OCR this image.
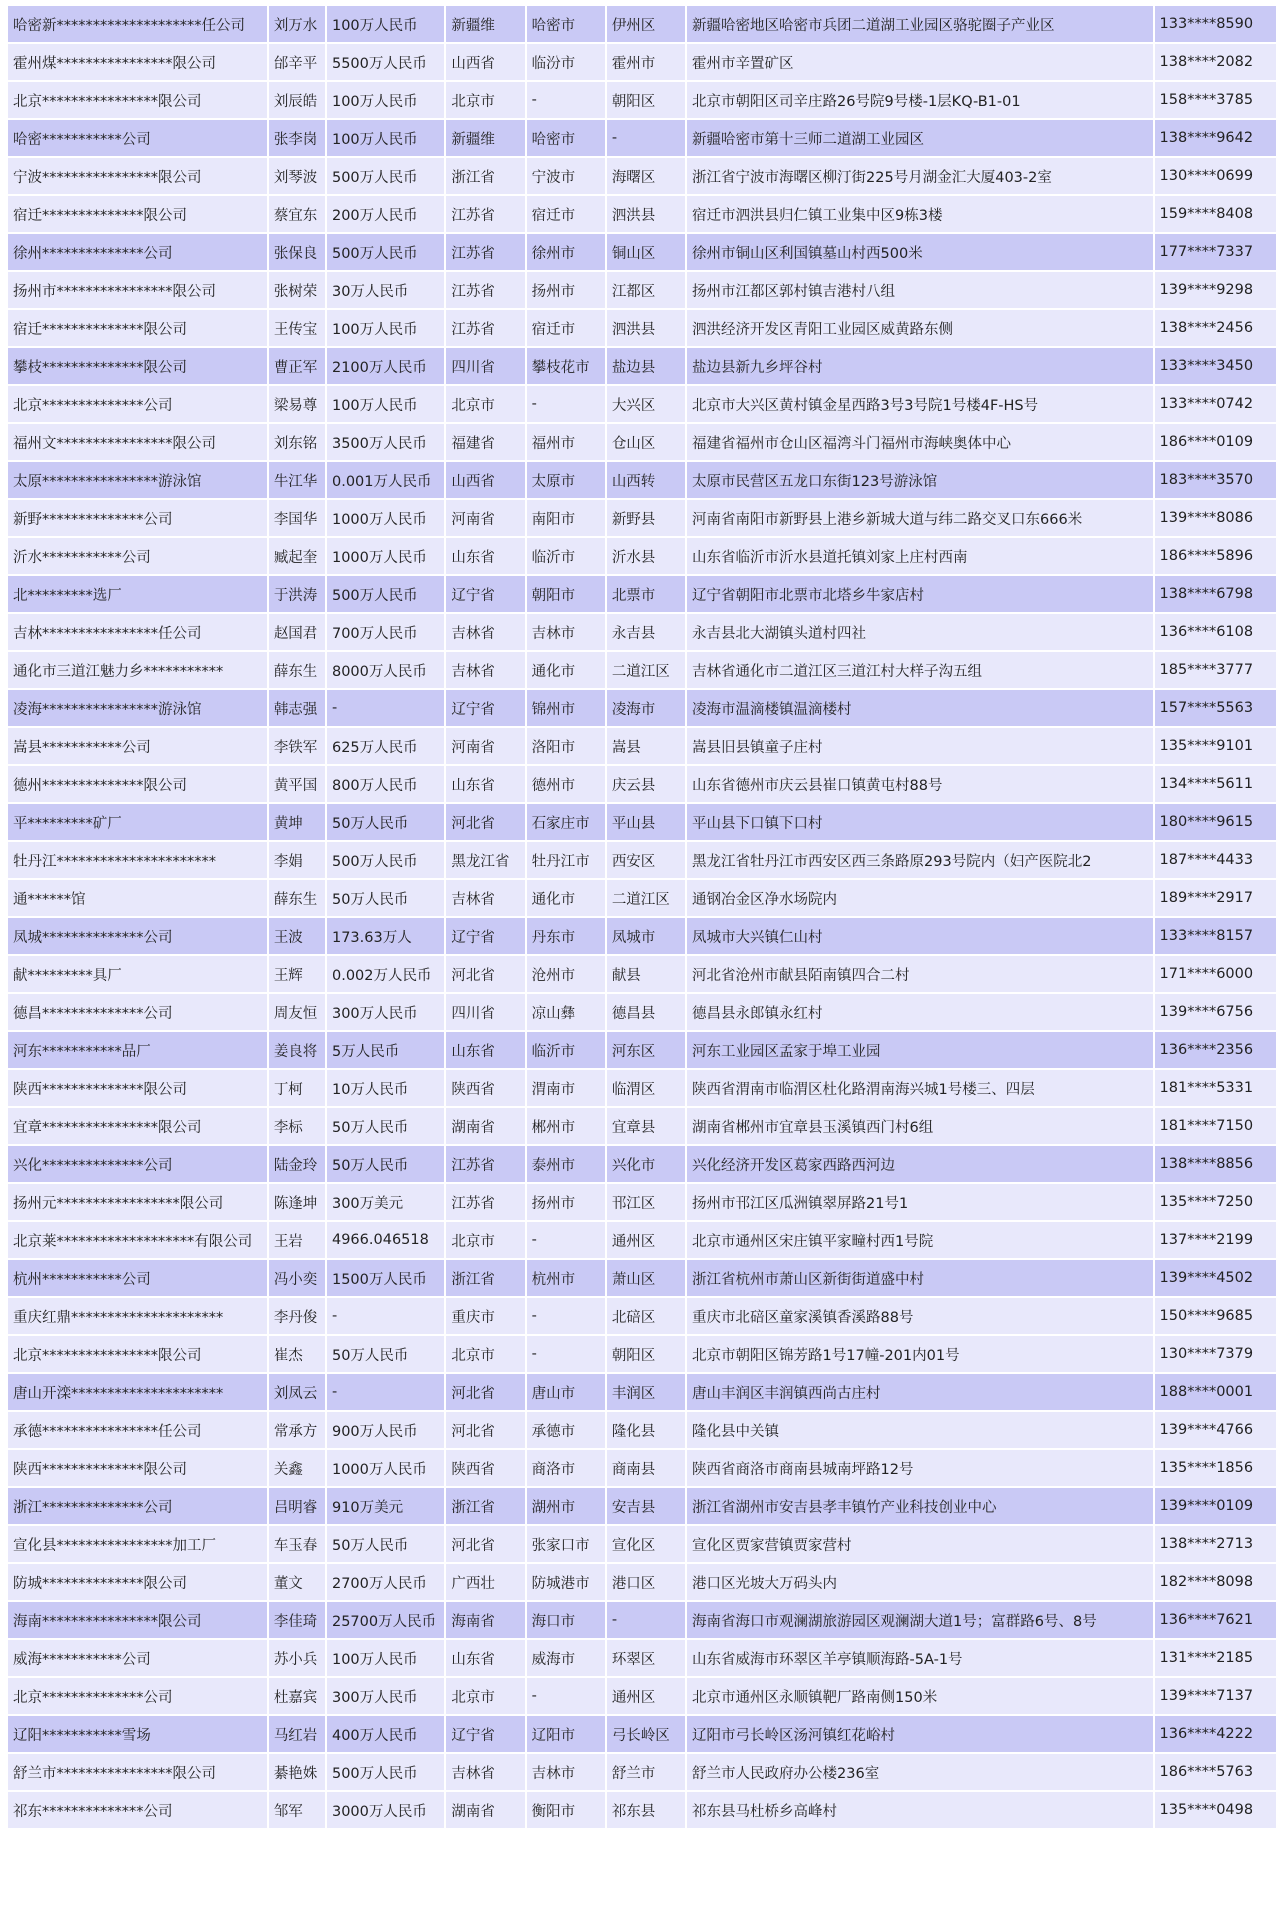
哈密新********************任公司	刘万水	100万人民币	新疆维	哈密市	伊州区	新疆哈密地区哈密市兵团二道湖工业园区骆驼圈子产业区	133****8590
霍州煤****************限公司	邰辛平	5500万人民币	山西省	临汾市	霍州市	霍州市辛置矿区	138****2082
北京****************限公司	刘辰皓	100万人民币	北京市	-	朝阳区	北京市朝阳区司辛庄路26号院9号楼-1层KQ-B1-01	158****3785
哈密***********公司	张李岗	100万人民币	新疆维	哈密市	-	新疆哈密市第十三师二道湖工业园区	138****9642
宁波****************限公司	刘琴波	500万人民币	浙江省	宁波市	海曙区	浙江省宁波市海曙区柳汀街225号月湖金汇大厦403-2室	130****0699
宿迁**************限公司	蔡宜东	200万人民币	江苏省	宿迁市	泗洪县	宿迁市泗洪县归仁镇工业集中区9栋3楼	159****8408
徐州**************公司	张保良	500万人民币	江苏省	徐州市	铜山区	徐州市铜山区利国镇墓山村西500米	177****7337
扬州市****************限公司	张树荣	30万人民币	江苏省	扬州市	江都区	扬州市江都区郭村镇吉港村八组	139****9298
宿迁**************限公司	王传宝	100万人民币	江苏省	宿迁市	泗洪县	泗洪经济开发区青阳工业园区威黄路东侧	138****2456
攀枝**************限公司	曹正军	2100万人民币	四川省	攀枝花市	盐边县	盐边县新九乡坪谷村	133****3450
北京**************公司	梁易尊	100万人民币	北京市	-	大兴区	北京市大兴区黄村镇金星西路3号3号院1号楼4F-HS号	133****0742
福州文****************限公司	刘东铭	3500万人民币	福建省	福州市	仓山区	福建省福州市仓山区福湾斗门福州市海峡奥体中心	186****0109
太原****************游泳馆	牛江华	0.001万人民币	山西省	太原市	山西转	太原市民营区五龙口东街123号游泳馆	183****3570
新野**************公司	李国华	1000万人民币	河南省	南阳市	新野县	河南省南阳市新野县上港乡新城大道与纬二路交叉口东666米	139****8086
沂水***********公司	臧起奎	1000万人民币	山东省	临沂市	沂水县	山东省临沂市沂水县道托镇刘家上庄村西南	186****5896
北*********选厂	于洪涛	500万人民币	辽宁省	朝阳市	北票市	辽宁省朝阳市北票市北塔乡牛家店村	138****6798
吉林****************任公司	赵国君	700万人民币	吉林省	吉林市	永吉县	永吉县北大湖镇头道村四社	136****6108
通化市三道江魅力乡***********	薛东生	8000万人民币	吉林省	通化市	二道江区	吉林省通化市二道江区三道江村大样子沟五组	185****3777
凌海****************游泳馆	韩志强	-	辽宁省	锦州市	凌海市	凌海市温滴楼镇温滴楼村	157****5563
嵩县***********公司	李铁军	625万人民币	河南省	洛阳市	嵩县	嵩县旧县镇童子庄村	135****9101
德州**************限公司	黄平国	800万人民币	山东省	德州市	庆云县	山东省德州市庆云县崔口镇黄屯村88号	134****5611
平*********矿厂	黄坤	50万人民币	河北省	石家庄市	平山县	平山县下口镇下口村	180****9615
牡丹江**********************	李娟	500万人民币	黑龙江省	牡丹江市	西安区	黑龙江省牡丹江市西安区西三条路原293号院内（妇产医院北2	187****4433
通******馆	薛东生	50万人民币	吉林省	通化市	二道江区	通钢冶金区净水场院内	189****2917
凤城**************公司	王波	173.63万人	辽宁省	丹东市	凤城市	凤城市大兴镇仁山村	133****8157
献*********具厂	王辉	0.002万人民币	河北省	沧州市	献县	河北省沧州市献县陌南镇四合二村	171****6000
德昌**************公司	周友恒	300万人民币	四川省	凉山彝	德昌县	德昌县永郎镇永红村	139****6756
河东***********品厂	姜良将	5万人民币	山东省	临沂市	河东区	河东工业园区孟家于埠工业园	136****2356
陕西**************限公司	丁柯	10万人民币	陕西省	渭南市	临渭区	陕西省渭南市临渭区杜化路渭南海兴城1号楼三、四层	181****5331
宜章****************限公司	李标	50万人民币	湖南省	郴州市	宜章县	湖南省郴州市宜章县玉溪镇西门村6组	181****7150
兴化**************公司	陆金玲	50万人民币	江苏省	泰州市	兴化市	兴化经济开发区葛家西路西河边	138****8856
扬州元*****************限公司	陈逢坤	300万美元	江苏省	扬州市	邗江区	扬州市邗江区瓜洲镇翠屏路21号1	135****7250
北京莱*******************有限公司	王岩	4966.046518	北京市	-	通州区	北京市通州区宋庄镇平家疃村西1号院	137****2199
杭州***********公司	冯小奕	1500万人民币	浙江省	杭州市	萧山区	浙江省杭州市萧山区新街街道盛中村	139****4502
重庆红鼎*********************	李丹俊	-	重庆市	-	北碚区	重庆市北碚区童家溪镇香溪路88号	150****9685
北京****************限公司	崔杰	50万人民币	北京市	-	朝阳区	北京市朝阳区锦芳路1号17幢-201内01号	130****7379
唐山开滦*********************	刘凤云	-	河北省	唐山市	丰润区	唐山丰润区丰润镇西尚古庄村	188****0001
承德****************任公司	常承方	900万人民币	河北省	承德市	隆化县	隆化县中关镇	139****4766
陕西**************限公司	关鑫	1000万人民币	陕西省	商洛市	商南县	陕西省商洛市商南县城南坪路12号	135****1856
浙江**************公司	吕明睿	910万美元	浙江省	湖州市	安吉县	浙江省湖州市安吉县孝丰镇竹产业科技创业中心	139****0109
宣化县****************加工厂	车玉春	50万人民币	河北省	张家口市	宣化区	宣化区贾家营镇贾家营村	138****2713
防城**************限公司	董文	2700万人民币	广西壮	防城港市	港口区	港口区光坡大万码头内	182****8098
海南****************限公司	李佳琦	25700万人民币	海南省	海口市	-	海南省海口市观澜湖旅游园区观澜湖大道1号；富群路6号、8号	136****7621
威海***********公司	苏小兵	100万人民币	山东省	威海市	环翠区	山东省威海市环翠区羊亭镇顺海路-5A-1号	131****2185
北京**************公司	杜嘉宾	300万人民币	北京市	-	通州区	北京市通州区永顺镇靶厂路南侧150米	139****7137
辽阳***********雪场	马红岩	400万人民币	辽宁省	辽阳市	弓长岭区	辽阳市弓长岭区汤河镇红花峪村	136****4222
舒兰市****************限公司	綦艳姝	500万人民币	吉林省	吉林市	舒兰市	舒兰市人民政府办公楼236室	186****5763
祁东**************公司	邹军	3000万人民币	湖南省	衡阳市	祁东县	祁东县马杜桥乡高峰村	135****0498
